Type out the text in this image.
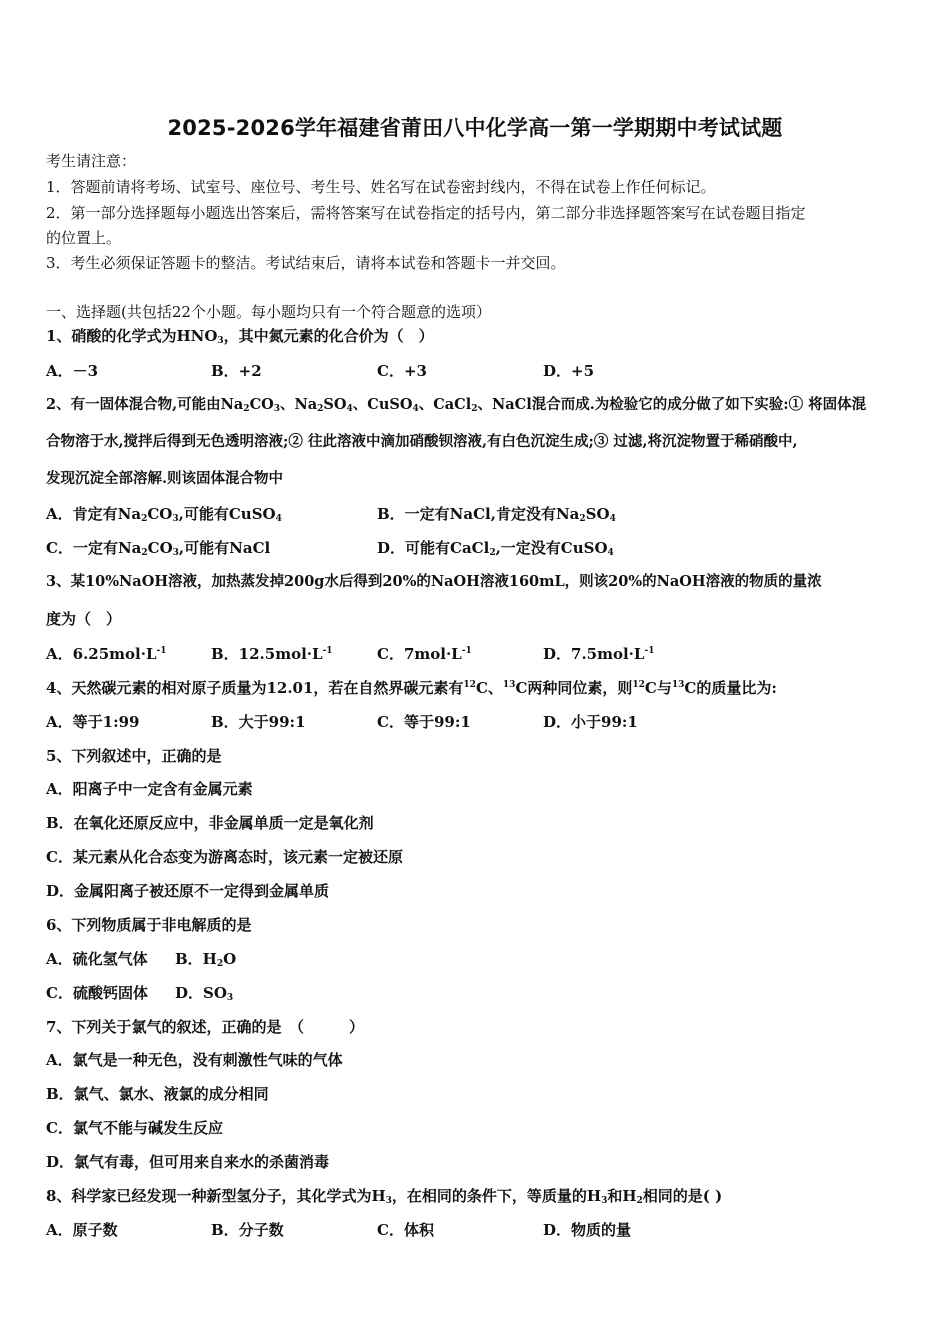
2025-2026学年福建省莆田八中化学高一第一学期期中考试试题
考生请注意：
1．答题前请将考场、试室号、座位号、考生号、姓名写在试卷密封线内，不得在试卷上作任何标记。
2．第一部分选择题每小题选出答案后，需将答案写在试卷指定的括号内，第二部分非选择题答案写在试卷题目指定
的位置上。
3．考生必须保证答题卡的整洁。考试结束后，请将本试卷和答题卡一并交回。
一、选择题(共包括22个小题。每小题均只有一个符合题意的选项）
1、硝酸的化学式为$HNO_3$，其中氮元素的化合价为（　）
A．－3	B．+2	C．+3	D．+5
2、有一固体混合物,可能由$Na_2CO_3$、$Na_2SO_4$、CuSO$_4$、CaCl$_2$、NaCl混合而成.为检验它的成分做了如下实验:① 将固体混
合物溶于水,搅拌后得到无色透明溶液;② 往此溶液中滴加硝酸钡溶液,有白色沉淀生成;③ 过滤,将沉淀物置于稀硝酸中,
发现沉淀全部溶解.则该固体混合物中
A．肯定有$Na_2CO_3$,可能有CuSO$_4$	B．一定有NaCl,肯定没有$Na_2SO_4$
C．一定有$Na_2CO_3$,可能有NaCl	D．可能有CaCl$_2$,一定没有CuSO$_4$
3、某10%NaOH溶液，加热蒸发掉200g水后得到20%的NaOH溶液160mL，则该20%的NaOH溶液的物质的量浓
度为（　）
A．$6.25mol\cdot L^{-1}$	B．$12.5mol\cdot L^{-1}$	C．$7mol\cdot L^{-1}$	D．$7.5mol\cdot L^{-1}$
4、天然碳元素的相对原子质量为12.01，若在自然界碳元素有$^{12}$C、$^{13}$C两种同位素，则$^{12}$C与$^{13}$C的质量比为:
A．等于1:99	B．大于99:1	C．等于99:1	D．小于99:1
5、下列叙述中，正确的是
A．阳离子中一定含有金属元素
B．在氧化还原反应中，非金属单质一定是氧化剂
C．某元素从化合态变为游离态时，该元素一定被还原
D．金属阳离子被还原不一定得到金属单质
6、下列物质属于非电解质的是
A．硫化氢气体 B．$H_2O$
C．硫酸钙固体 D．$SO_3$
7、下列关于氯气的叙述，正确的是　（　　　）
A．氯气是一种无色，没有刺激性气味的气体
B．氯气、氯水、液氯的成分相同
C．氯气不能与碱发生反应
D．氯气有毒，但可用来自来水的杀菌消毒
8、科学家已经发现一种新型氢分子，其化学式为$H_3$，在相同的条件下，等质量的$H_3$和$H_2$相同的是( )
A．原子数	B．分子数	C．体积	D．物质的量
